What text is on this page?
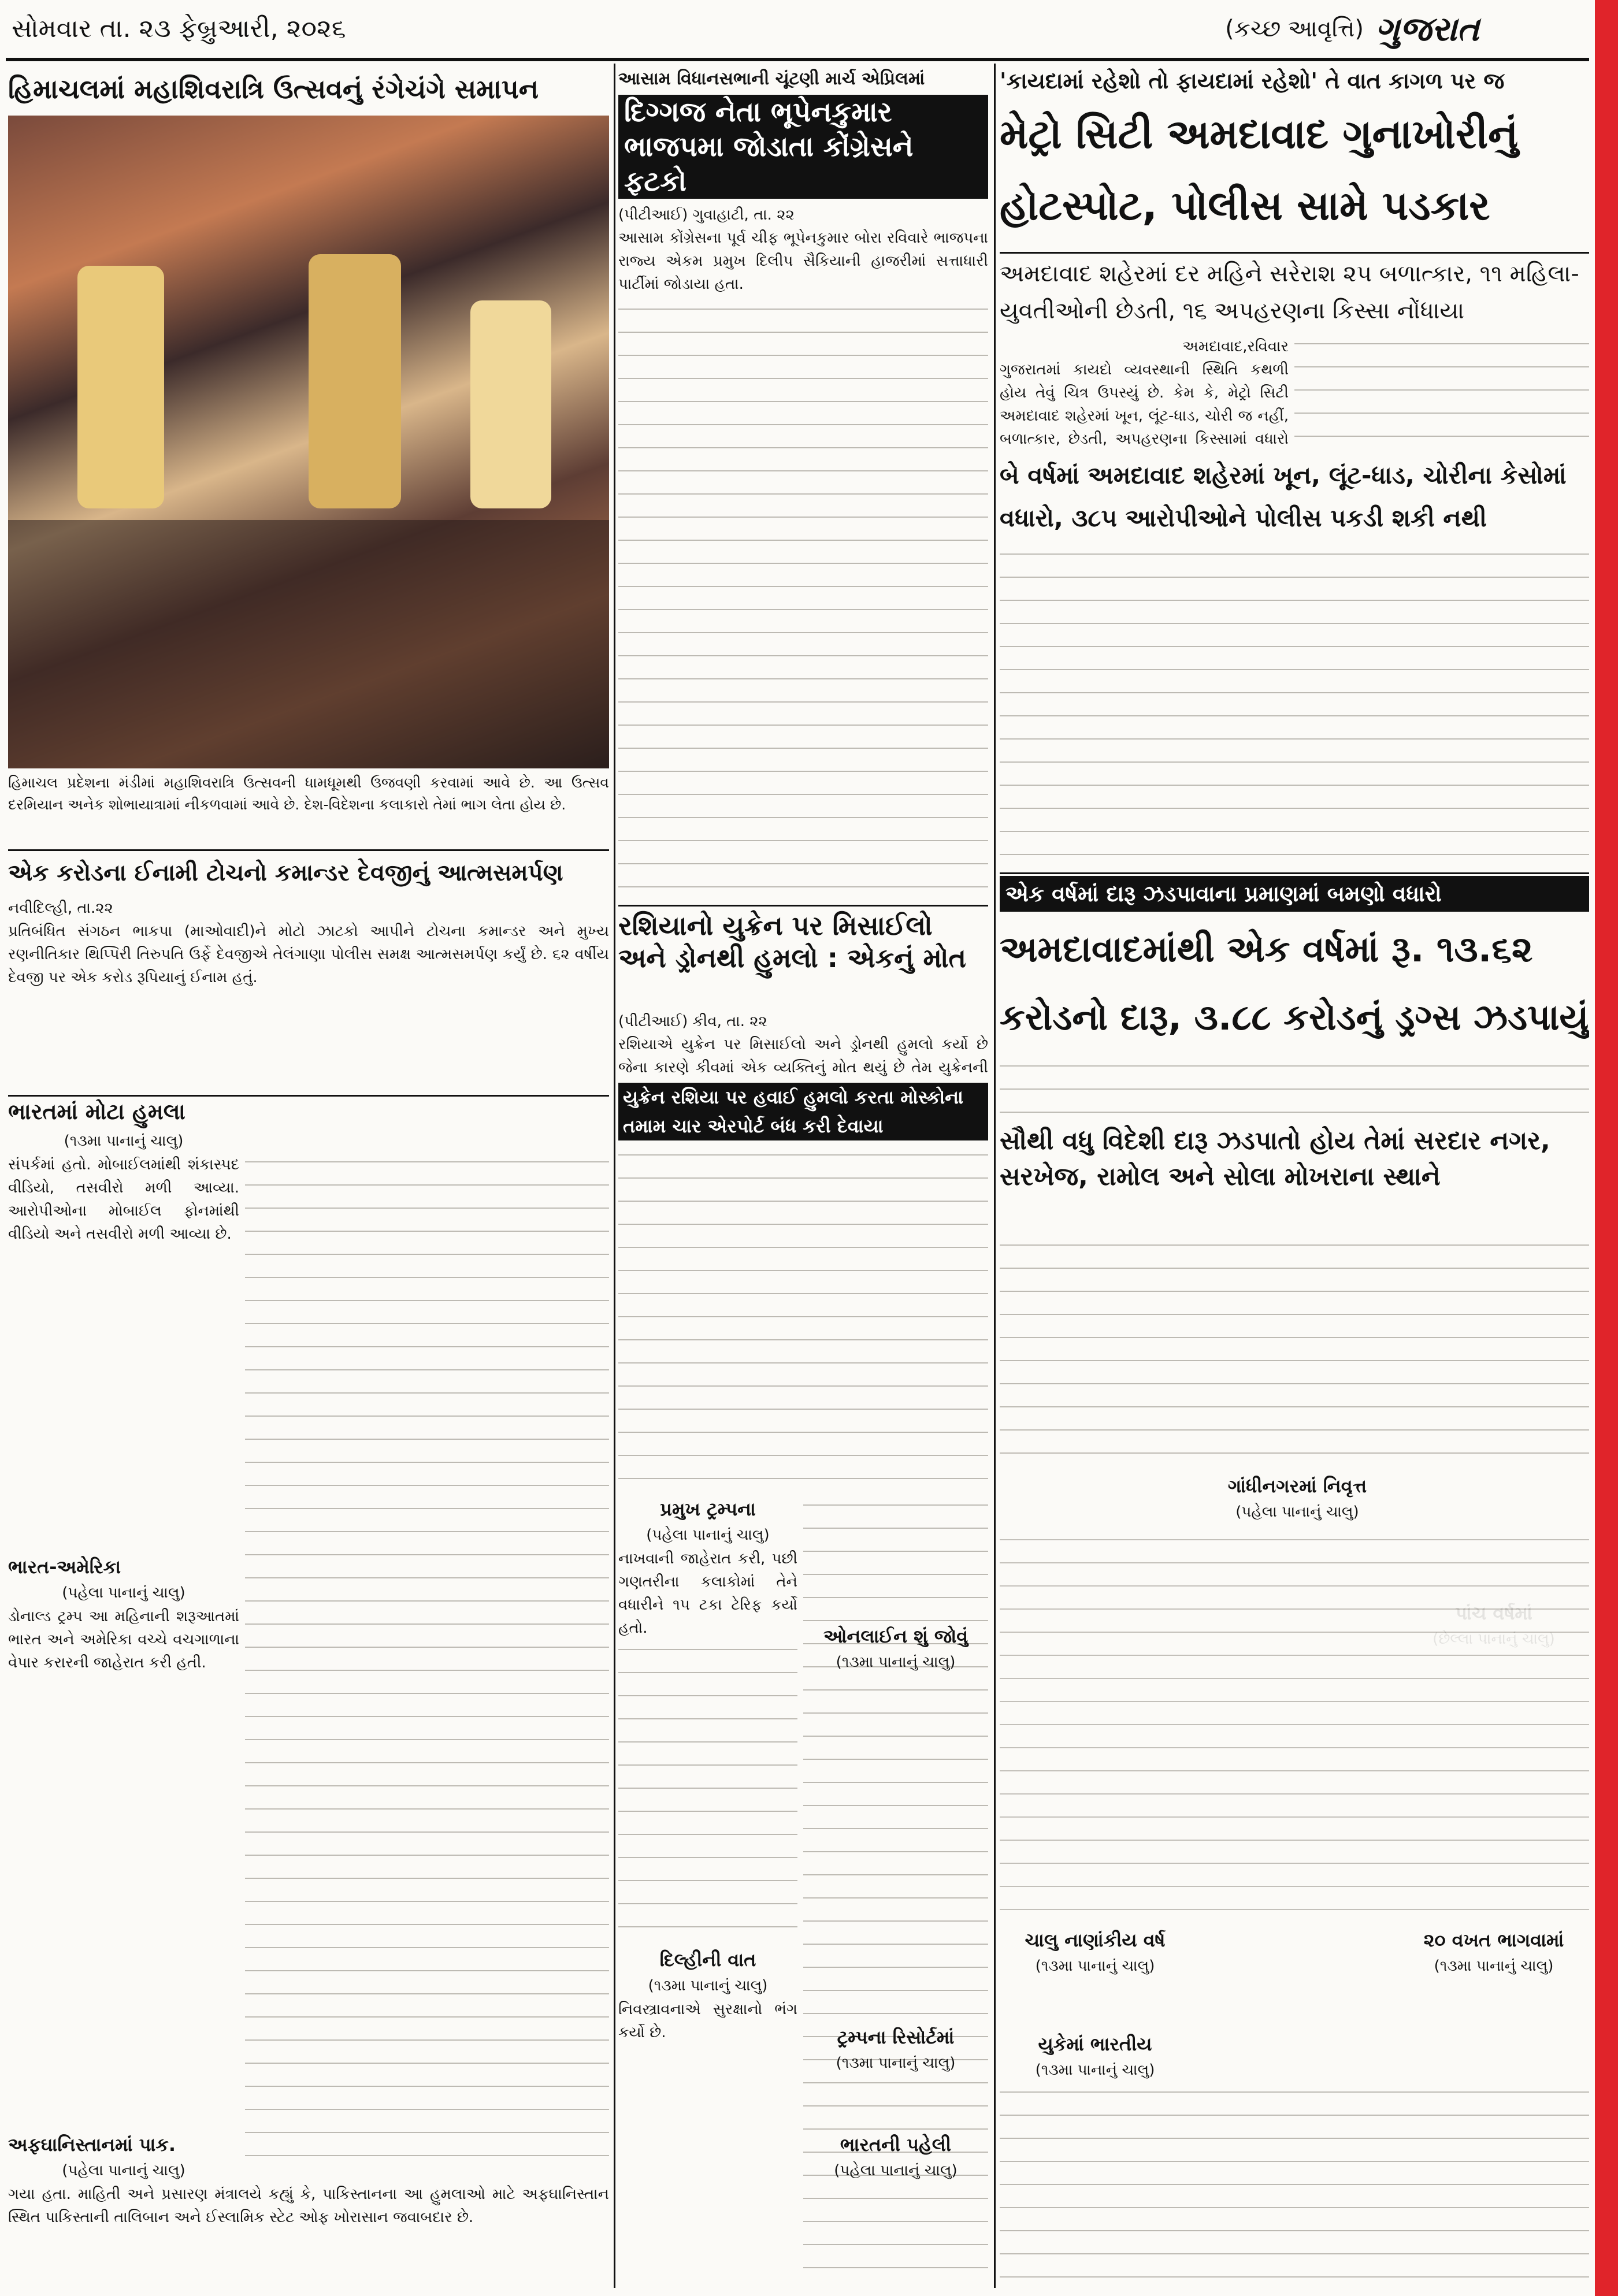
સોમવાર તા. ૨૩ ફેબ્રુઆરી, ૨૦૨૬	(કચ્છ આવૃત્તિ) ગુજરાત
હિમાચલમાં મહાશિવરાત્રિ ઉત્સવનું રંગેચંગે સમાપન
હિમાચલ પ્રદેશના મંડીમાં મહાશિવરાત્રિ ઉત્સવની ધામધૂમથી ઉજવણી કરવામાં આવે છે. આ ઉત્સવ દરમિયાન અનેક શોભાયાત્રામાં નીકળવામાં આવે છે. દેશ-વિદેશના કલાકારો તેમાં ભાગ લેતા હોય છે.
એક કરોડના ઈનામી ટોચનો કમાન્ડર દેવજીનું આત્મસમર્પણ
નવીદિલ્હી, તા.૨૨
પ્રતિબંધિત સંગઠન ભાકપા (માઓવાદી)ને મોટો ઝાટકો આપીને ટોચના કમાન્ડર અને મુખ્ય રણનીતિકાર થિપ્પિરી તિરુપતિ ઉર્ફે દેવજીએ તેલંગાણા પોલીસ સમક્ષ આત્મસમર્પણ કર્યું છે. ૬૨ વર્ષીય દેવજી પર એક કરોડ રૂપિયાનું ઈનામ હતું.
ભારતમાં મોટા હુમલા
(૧૩મા પાનાનું ચાલુ)
સંપર્કમાં હતો. મોબાઈલમાંથી શંકાસ્પદ વીડિયો, તસવીરો મળી આવ્યા. આરોપીઓના મોબાઈલ ફોનમાંથી વીડિયો અને તસવીરો મળી આવ્યા છે.
ભારત-અમેરિકા
(પહેલા પાનાનું ચાલુ)
ડોનાલ્ડ ટ્રમ્પ આ મહિનાની શરૂઆતમાં ભારત અને અમેરિકા વચ્ચે વચગાળાના વેપાર કરારની જાહેરાત કરી હતી.
અફઘાનિસ્તાનમાં પાક.
(પહેલા પાનાનું ચાલુ)
ગયા હતા. માહિતી અને પ્રસારણ મંત્રાલયે કહ્યું કે, પાકિસ્તાનના આ હુમલાઓ માટે અફઘાનિસ્તાન સ્થિત પાકિસ્તાની તાલિબાન અને ઈસ્લામિક સ્ટેટ ઓફ ખોરાસાન જવાબદાર છે.
આસામ વિધાનસભાની ચૂંટણી માર્ચ એપ્રિલમાં
દિગ્ગજ નેતા ભૂપેનકુમાર ભાજપમા જોડાતા કોંગ્રેસને ફટકો
(પીટીઆઈ) ગુવાહાટી, તા. ૨૨
આસામ કોંગ્રેસના પૂર્વ ચીફ ભૂપેનકુમાર બોરા રવિવારે ભાજપના રાજ્ય એકમ પ્રમુખ દિલીપ સૈકિયાની હાજરીમાં સત્તાધારી પાર્ટીમાં જોડાયા હતા.
રશિયાનો યુક્રેન પર મિસાઈલો અને ડ્રોનથી હુમલો : એકનું મોત
(પીટીઆઈ) કીવ, તા. ૨૨
રશિયાએ યુક્રેન પર મિસાઈલો અને ડ્રોનથી હુમલો કર્યો છે જેના કારણે કીવમાં એક વ્યક્તિનું મોત થયું છે તેમ યુક્રેનની
યુક્રેન રશિયા પર હવાઈ હુમલો કરતા મોસ્કોના તમામ ચાર એરપોર્ટ બંધ કરી દેવાયા
પ્રમુખ ટ્રમ્પના
(પહેલા પાનાનું ચાલુ)
નાખવાની જાહેરાત કરી, પછી ગણતરીના કલાકોમાં તેને વધારીને ૧૫ ટકા ટેરિફ કર્યો હતો.
દિલ્હીની વાત
(૧૩મા પાનાનું ચાલુ)
નિવસ્ત્રાવનાએ સુરક્ષાનો ભંગ કર્યો છે.
'કાયદામાં રહેશો તો ફાયદામાં રહેશો' તે વાત કાગળ પર જ
મેટ્રો સિટી અમદાવાદ ગુનાખોરીનું હોટસ્પોટ, પોલીસ સામે પડકાર
અમદાવાદ શહેરમાં દર મહિને સરેરાશ ૨૫ બળાત્કાર, ૧૧ મહિલા-યુવતીઓની છેડતી, ૧૬ અપહરણના કિસ્સા નોંધાયા
અમદાવાદ,રવિવાર
ગુજરાતમાં કાયદો વ્યવસ્થાની સ્થિતિ કથળી હોય તેવું ચિત્ર ઉપસ્યું છે. કેમ કે, મેટ્રો સિટી અમદાવાદ શહેરમાં ખૂન, લૂંટ-ધાડ, ચોરી જ નહીં, બળાત્કાર, છેડતી, અપહરણના કિસ્સામાં વધારો
બે વર્ષમાં અમદાવાદ શહેરમાં ખૂન, લૂંટ-ધાડ, ચોરીના કેસોમાં વધારો, ૩૮૫ આરોપીઓને પોલીસ પકડી શકી નથી
એક વર્ષમાં દારૂ ઝડપાવાના પ્રમાણમાં બમણો વધારો
અમદાવાદમાંથી એક વર્ષમાં રૂ. ૧૩.૬૨ કરોડનો દારૂ, ૩.૮૮ કરોડનું ડ્રગ્સ ઝડપાયું
સૌથી વધુ વિદેશી દારૂ ઝડપાતો હોય તેમાં સરદાર નગર, સરખેજ, રામોલ અને સોલા મોખરાના સ્થાને
ગાંધીનગરમાં નિવૃત્ત
(પહેલા પાનાનું ચાલુ)
ઓનલાઈન શું જોવું
(૧૩મા પાનાનું ચાલુ)
ચાલુ નાણાંકીય વર્ષ
(૧૩મા પાનાનું ચાલુ)
૨૦ વખત ભાગવામાં
(૧૩મા પાનાનું ચાલુ)
ટ્રમ્પના રિસોર્ટમાં
(૧૩મા પાનાનું ચાલુ)
યુકેમાં ભારતીય
(૧૩મા પાનાનું ચાલુ)
ભારતની પહેલી
(પહેલા પાનાનું ચાલુ)
